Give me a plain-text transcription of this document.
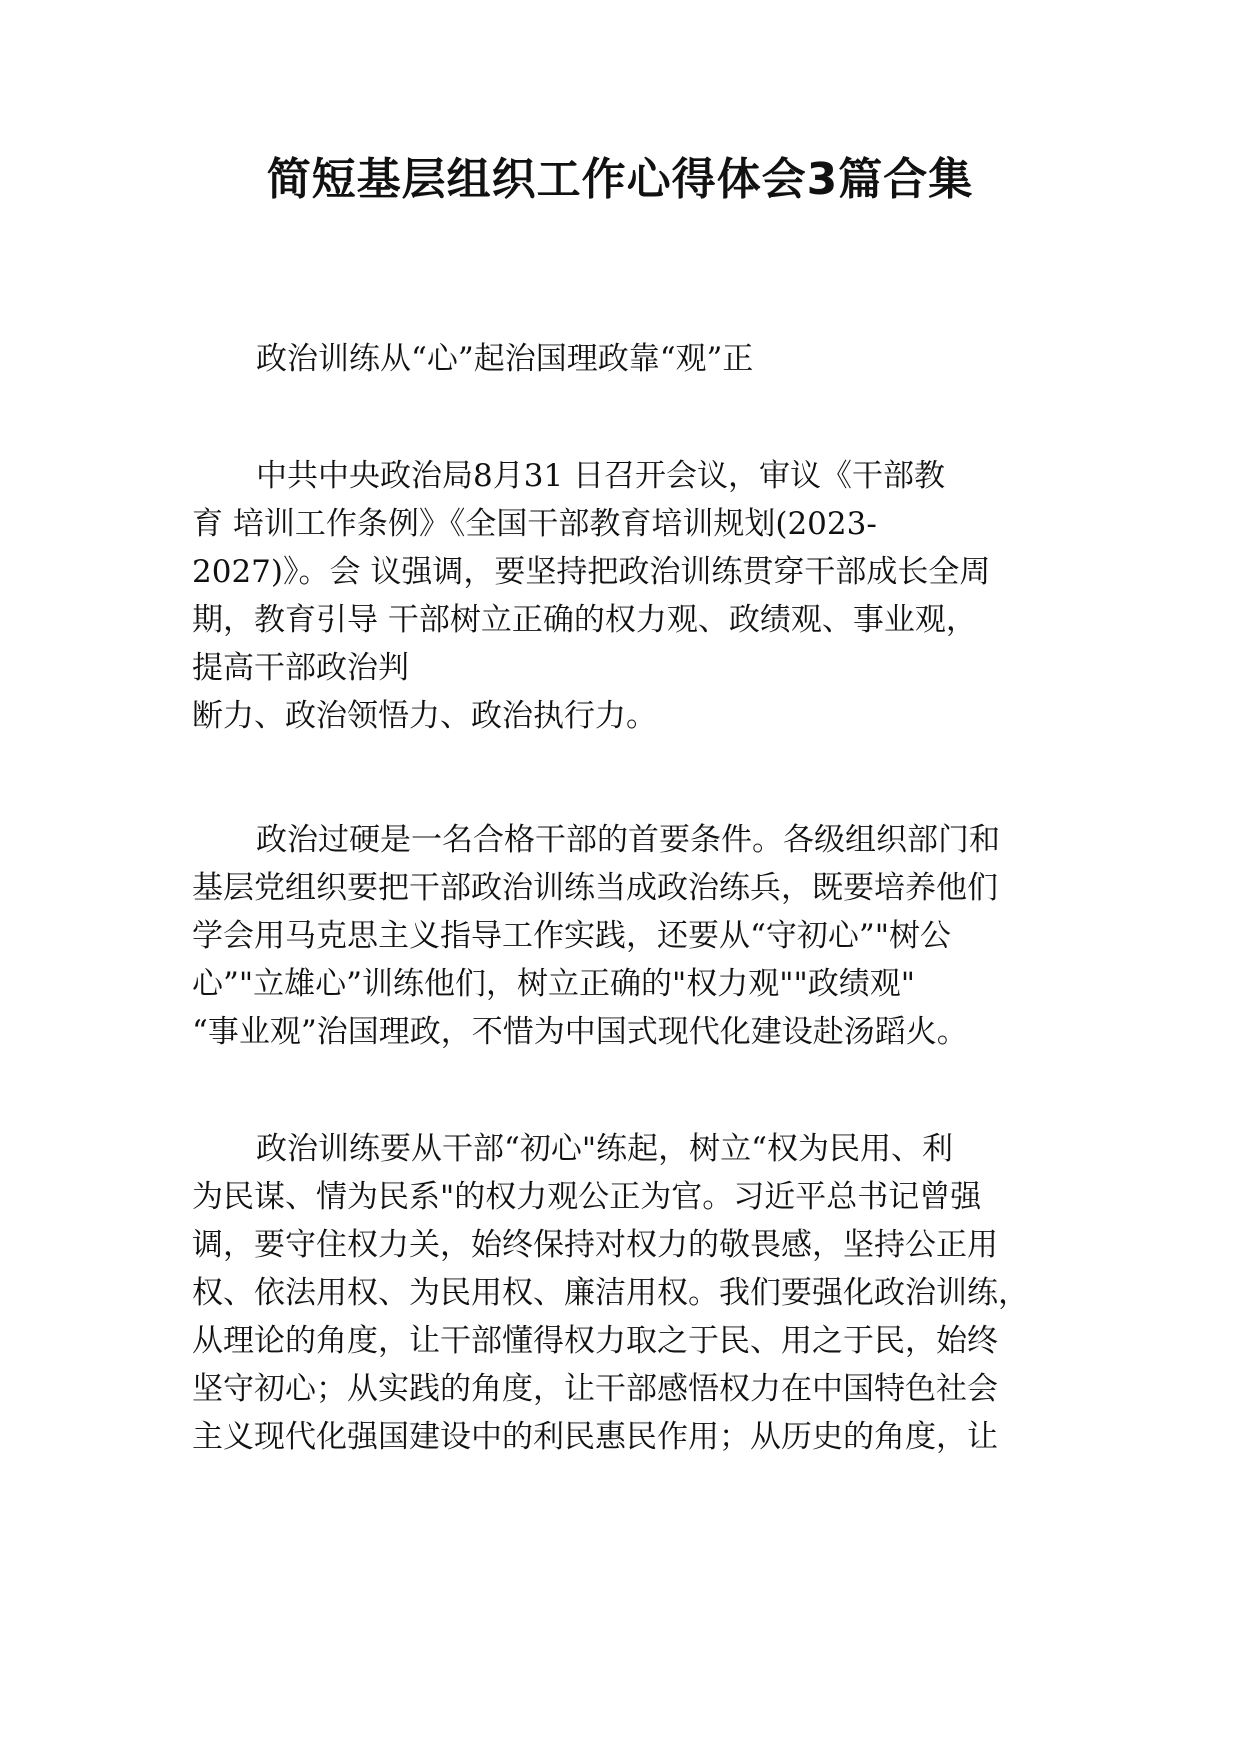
简短基层组织工作心得体会3篇合集

政治训练从“心”起治国理政靠“观”正

中共中央政治局8月31 日召开会议，审议《干部教
育 培训工作条例》《全国干部教育培训规划(2023-
2027)》。会 议强调，要坚持把政治训练贯穿干部成长全周
期，教育引导 干部树立正确的权力观、政绩观、事业观，
提高干部政治判
断力、政治领悟力、政治执行力。
政治过硬是一名合格干部的首要条件。各级组织部门和
基层党组织要把干部政治训练当成政治练兵，既要培养他们
学会用马克思主义指导工作实践，还要从“守初心”"树公
心”"立雄心”训练他们，树立正确的"权力观""政绩观"
“事业观”治国理政，不惜为中国式现代化建设赴汤蹈火。
政治训练要从干部“初心"练起，树立“权为民用、利
为民谋、情为民系"的权力观公正为官。习近平总书记曾强
调，要守住权力关，始终保持对权力的敬畏感，坚持公正用
权、依法用权、为民用权、廉洁用权。我们要强化政治训练，
从理论的角度，让干部懂得权力取之于民、用之于民，始终
坚守初心；从实践的角度，让干部感悟权力在中国特色社会
主义现代化强国建设中的利民惠民作用；从历史的角度，让
